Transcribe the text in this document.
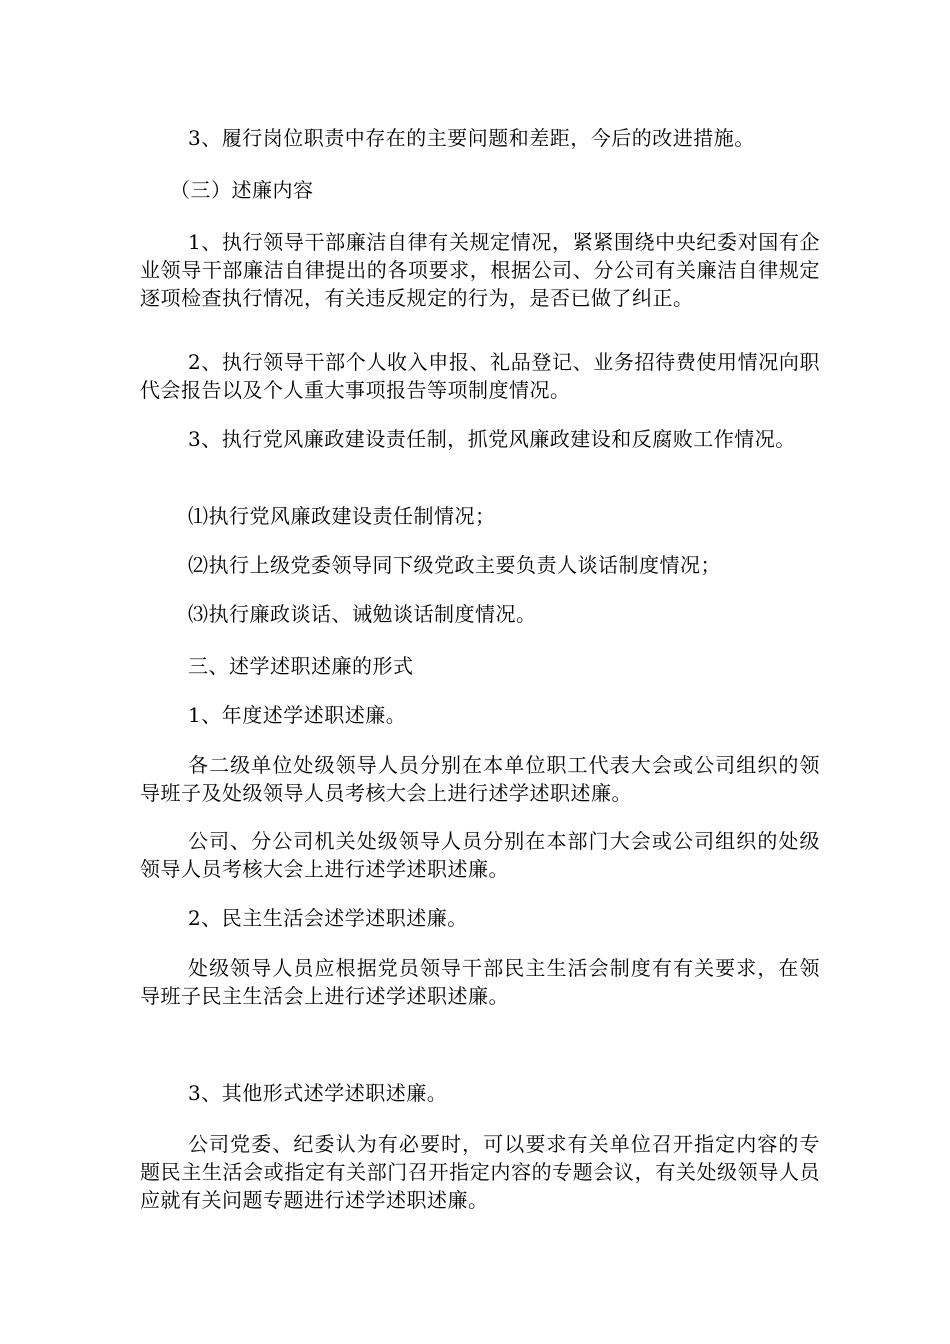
3、履行岗位职责中存在的主要问题和差距，今后的改进措施。

（三）述廉内容

1、执行领导干部廉洁自律有关规定情况，紧紧围绕中央纪委对国有企业领导干部廉洁自律提出的各项要求，根据公司、分公司有关廉洁自律规定逐项检查执行情况，有关违反规定的行为，是否已做了纠正。

2、执行领导干部个人收入申报、礼品登记、业务招待费使用情况向职代会报告以及个人重大事项报告等项制度情况。

3、执行党风廉政建设责任制，抓党风廉政建设和反腐败工作情况。

⑴执行党风廉政建设责任制情况；

⑵执行上级党委领导同下级党政主要负责人谈话制度情况；

⑶执行廉政谈话、诫勉谈话制度情况。

三、述学述职述廉的形式

1、年度述学述职述廉。

各二级单位处级领导人员分别在本单位职工代表大会或公司组织的领导班子及处级领导人员考核大会上进行述学述职述廉。

公司、分公司机关处级领导人员分别在本部门大会或公司组织的处级领导人员考核大会上进行述学述职述廉。

2、民主生活会述学述职述廉。

处级领导人员应根据党员领导干部民主生活会制度有有关要求，在领导班子民主生活会上进行述学述职述廉。

3、其他形式述学述职述廉。

公司党委、纪委认为有必要时，可以要求有关单位召开指定内容的专题民主生活会或指定有关部门召开指定内容的专题会议，有关处级领导人员应就有关问题专题进行述学述职述廉。
